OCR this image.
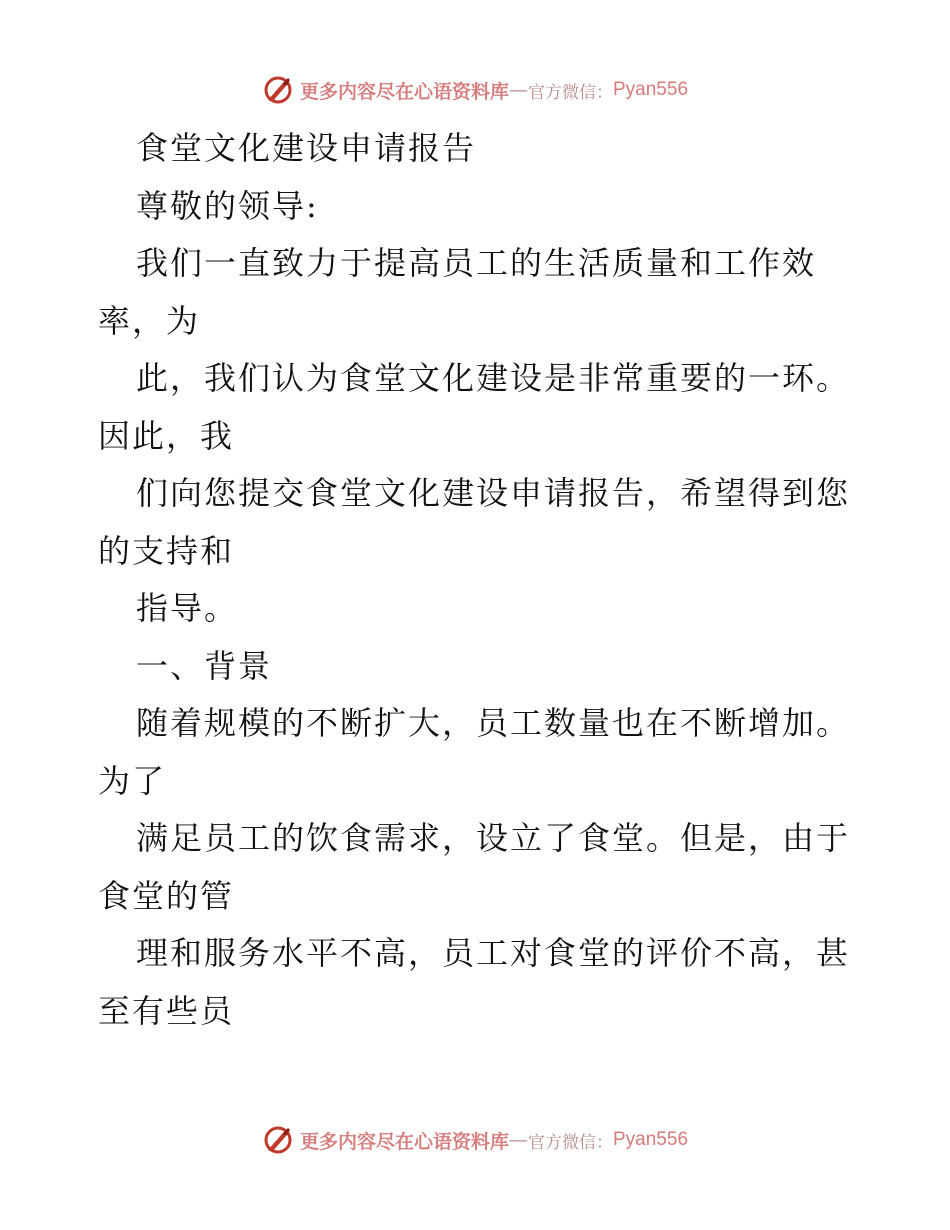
更多内容尽在心语资料库 — 官方微信： Pyan556
食堂文化建设申请报告
尊敬的领导:
我们一直致力于提高员工的生活质量和工作效
率，为
此，我们认为食堂文化建设是非常重要的一环。
因此，我
们向您提交食堂文化建设申请报告，希望得到您
的支持和
指导。
一、背景
随着规模的不断扩大，员工数量也在不断增加。
为了
满足员工的饮食需求，设立了食堂。但是，由于
食堂的管
理和服务水平不高，员工对食堂的评价不高，甚
至有些员
更多内容尽在心语资料库 — 官方微信： Pyan556
